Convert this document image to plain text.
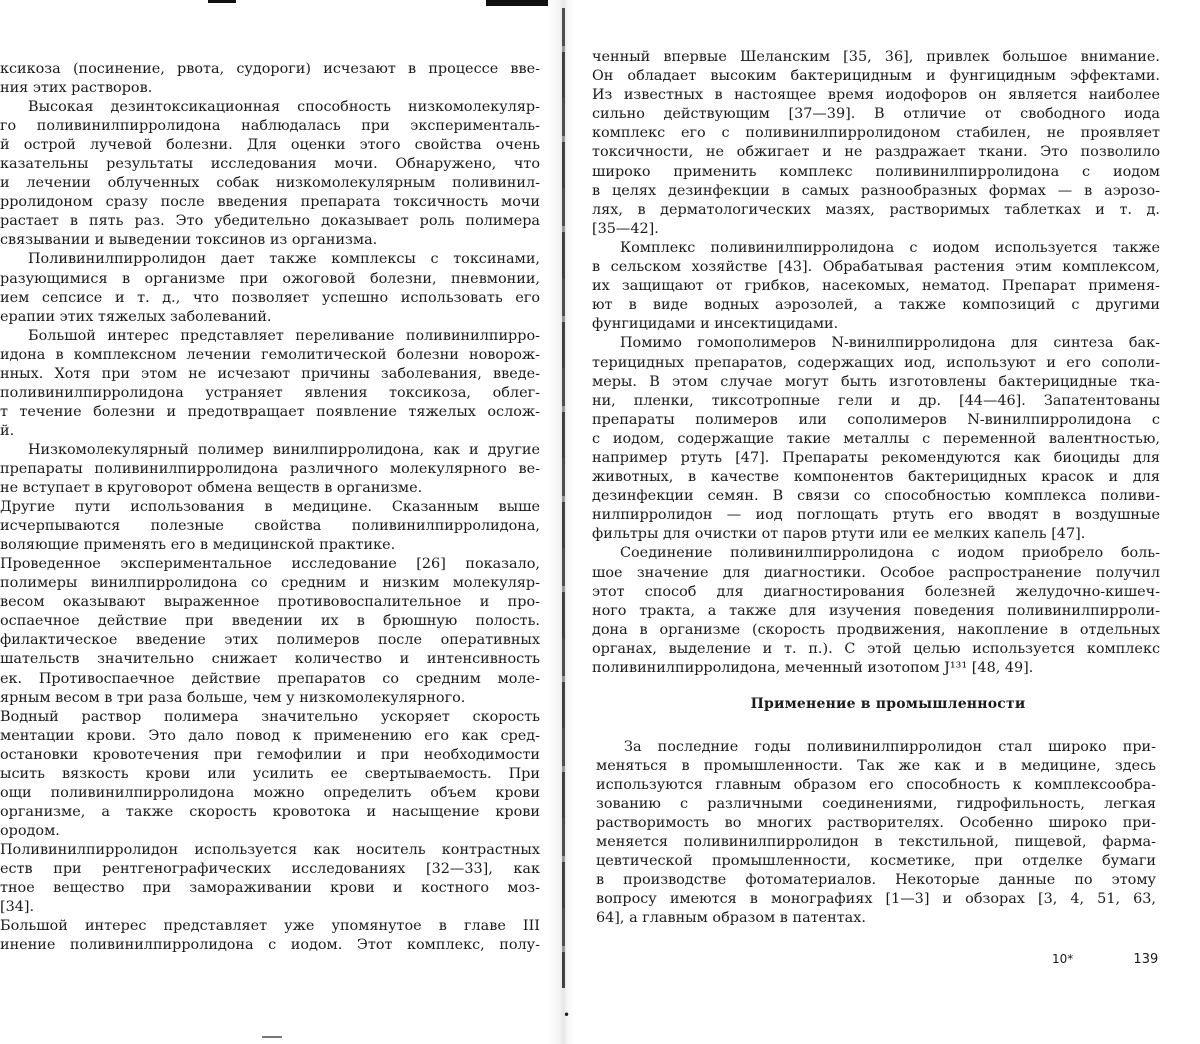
ксикоза (посинение, рвота, судороги) исчезают в процессе вве-
ния этих растворов.
Высокая дезинтоксикационная способность низкомолекуляр-
го поливинилпирролидона наблюдалась при эксперименталь-
й острой лучевой болезни. Для оценки этого свойства очень
казательны результаты исследования мочи. Обнаружено, что
и лечении облученных собак низкомолекулярным поливинил-
рролидоном сразу после введения препарата токсичность мочи
растает в пять раз. Это убедительно доказывает роль полимера
связывании и выведении токсинов из организма.
Поливинилпирролидон дает также комплексы с токсинами,
разующимися в организме при ожоговой болезни, пневмонии,
ием сепсисе и т. д., что позволяет успешно использовать его
ерапии этих тяжелых заболеваний.
Большой интерес представляет переливание поливинилпирро-
идона в комплексном лечении гемолитической болезни новорож-
нных. Хотя при этом не исчезают причины заболевания, введе-
поливинилпирролидона устраняет явления токсикоза, облег-
т течение болезни и предотвращает появление тяжелых ослож-
й.
Низкомолекулярный полимер винилпирролидона, как и другие
препараты поливинилпирролидона различного молекулярного ве-
не вступает в круговорот обмена веществ в организме.
Другие пути использования в медицине. Сказанным выше
исчерпываются полезные свойства поливинилпирролидона,
воляющие применять его в медицинской практике.
Проведенное экспериментальное исследование [26] показало,
полимеры винилпирролидона со средним и низким молекуляр-
весом оказывают выраженное противовоспалительное и про-
оспаечное действие при введении их в брюшную полость.
филактическое введение этих полимеров после оперативных
шательств значительно снижает количество и интенсивность
ек. Противоспаечное действие препаратов со средним моле-
ярным весом в три раза больше, чем у низкомолекулярного.
Водный раствор полимера значительно ускоряет скорость
ментации крови. Это дало повод к применению его как сред-
остановки кровотечения при гемофилии и при необходимости
ысить вязкость крови или усилить ее свертываемость. При
ощи поливинилпирролидона можно определить объем крови
организме, а также скорость кровотока и насыщение крови
ородом.
Поливинилпирролидон используется как носитель контрастных
еств при рентгенографических исследованиях [32—33], как
тное вещество при замораживании крови и костного моз-
[34].
Большой интерес представляет уже упомянутое в главе III
инение поливинилпирролидона с иодом. Этот комплекс, полу-
ченный впервые Шеланским [35, 36], привлек большое внимание.
Он обладает высоким бактерицидным и фунгицидным эффектами.
Из известных в настоящее время иодофоров он является наиболее
сильно действующим [37—39]. В отличие от свободного иода
комплекс его с поливинилпирролидоном стабилен, не проявляет
токсичности, не обжигает и не раздражает ткани. Это позволило
широко применить комплекс поливинилпирролидона с иодом
в целях дезинфекции в самых разнообразных формах — в аэрозо-
лях, в дерматологических мазях, растворимых таблетках и т. д.
[35—42].
Комплекс поливинилпирролидона с иодом используется также
в сельском хозяйстве [43]. Обрабатывая растения этим комплексом,
их защищают от грибков, насекомых, нематод. Препарат применя-
ют в виде водных аэрозолей, а также композиций с другими
фунгицидами и инсектицидами.
Помимо гомополимеров N-винилпирролидона для синтеза бак-
терицидных препаратов, содержащих иод, используют и его сополи-
меры. В этом случае могут быть изготовлены бактерицидные тка-
ни, пленки, тиксотропные гели и др. [44—46]. Запатентованы
препараты полимеров или сополимеров N-винилпирролидона с
с иодом, содержащие такие металлы с переменной валентностью,
например ртуть [47]. Препараты рекомендуются как биоциды для
животных, в качестве компонентов бактерицидных красок и для
дезинфекции семян. В связи со способностью комплекса поливи-
нилпирролидон — иод поглощать ртуть его вводят в воздушные
фильтры для очистки от паров ртути или ее мелких капель [47].
Соединение поливинилпирролидона с иодом приобрело боль-
шое значение для диагностики. Особое распространение получил
этот способ для диагностирования болезней желудочно-кишеч-
ного тракта, а также для изучения поведения поливинилпирроли-
дона в организме (скорость продвижения, накопление в отдельных
органах, выделение и т. п.). С этой целью используется комплекс
поливинилпирролидона, меченный изотопом J¹³¹ [48, 49].
Применение в промышленности
За последние годы поливинилпирролидон стал широко при-
меняться в промышленности. Так же как и в медицине, здесь
используются главным образом его способность к комплексообра-
зованию с различными соединениями, гидрофильность, легкая
растворимость во многих растворителях. Особенно широко при-
меняется поливинилпирролидон в текстильной, пищевой, фарма-
цевтической промышленности, косметике, при отделке бумаги
в производстве фотоматериалов. Некоторые данные по этому
вопросу имеются в монографиях [1—3] и обзорах [3, 4, 51, 63,
64], а главным образом в патентах.
10*	139
•
